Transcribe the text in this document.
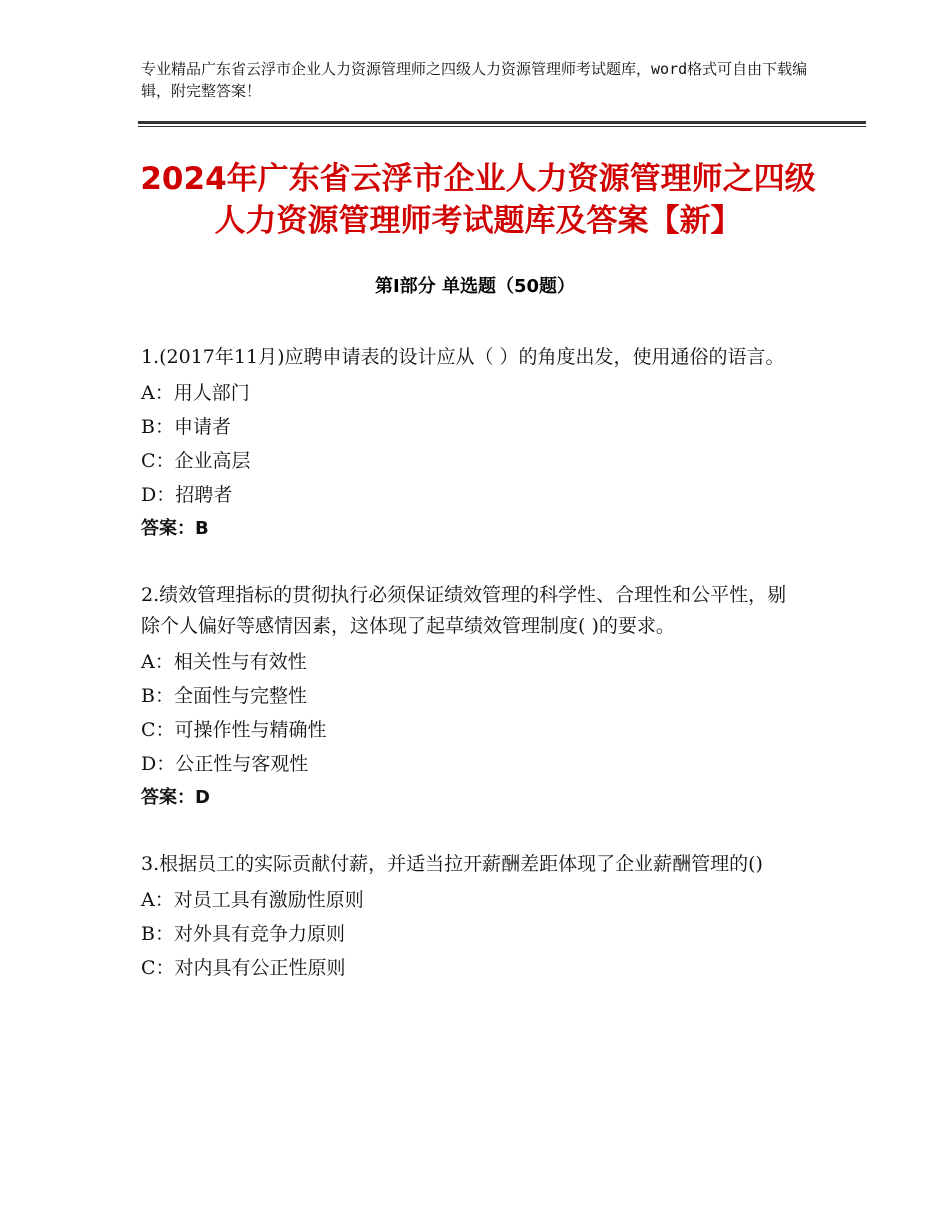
专业精品广东省云浮市企业人力资源管理师之四级人力资源管理师考试题库，word格式可自由下载编辑，附完整答案！
2024年广东省云浮市企业人力资源管理师之四级人力资源管理师考试题库及答案【新】
第Ⅰ部分 单选题（50题）
1.(2017年11月)应聘申请表的设计应从（ ）的角度出发，使用通俗的语言。
A：用人部门
B：申请者
C：企业高层
D：招聘者
答案：B
2.绩效管理指标的贯彻执行必须保证绩效管理的科学性、合理性和公平性，剔除个人偏好等感情因素，这体现了起草绩效管理制度( )的要求。
A：相关性与有效性
B：全面性与完整性
C：可操作性与精确性
D：公正性与客观性
答案：D
3.根据员工的实际贡献付薪，并适当拉开薪酬差距体现了企业薪酬管理的()
A：对员工具有激励性原则
B：对外具有竞争力原则
C：对内具有公正性原则
